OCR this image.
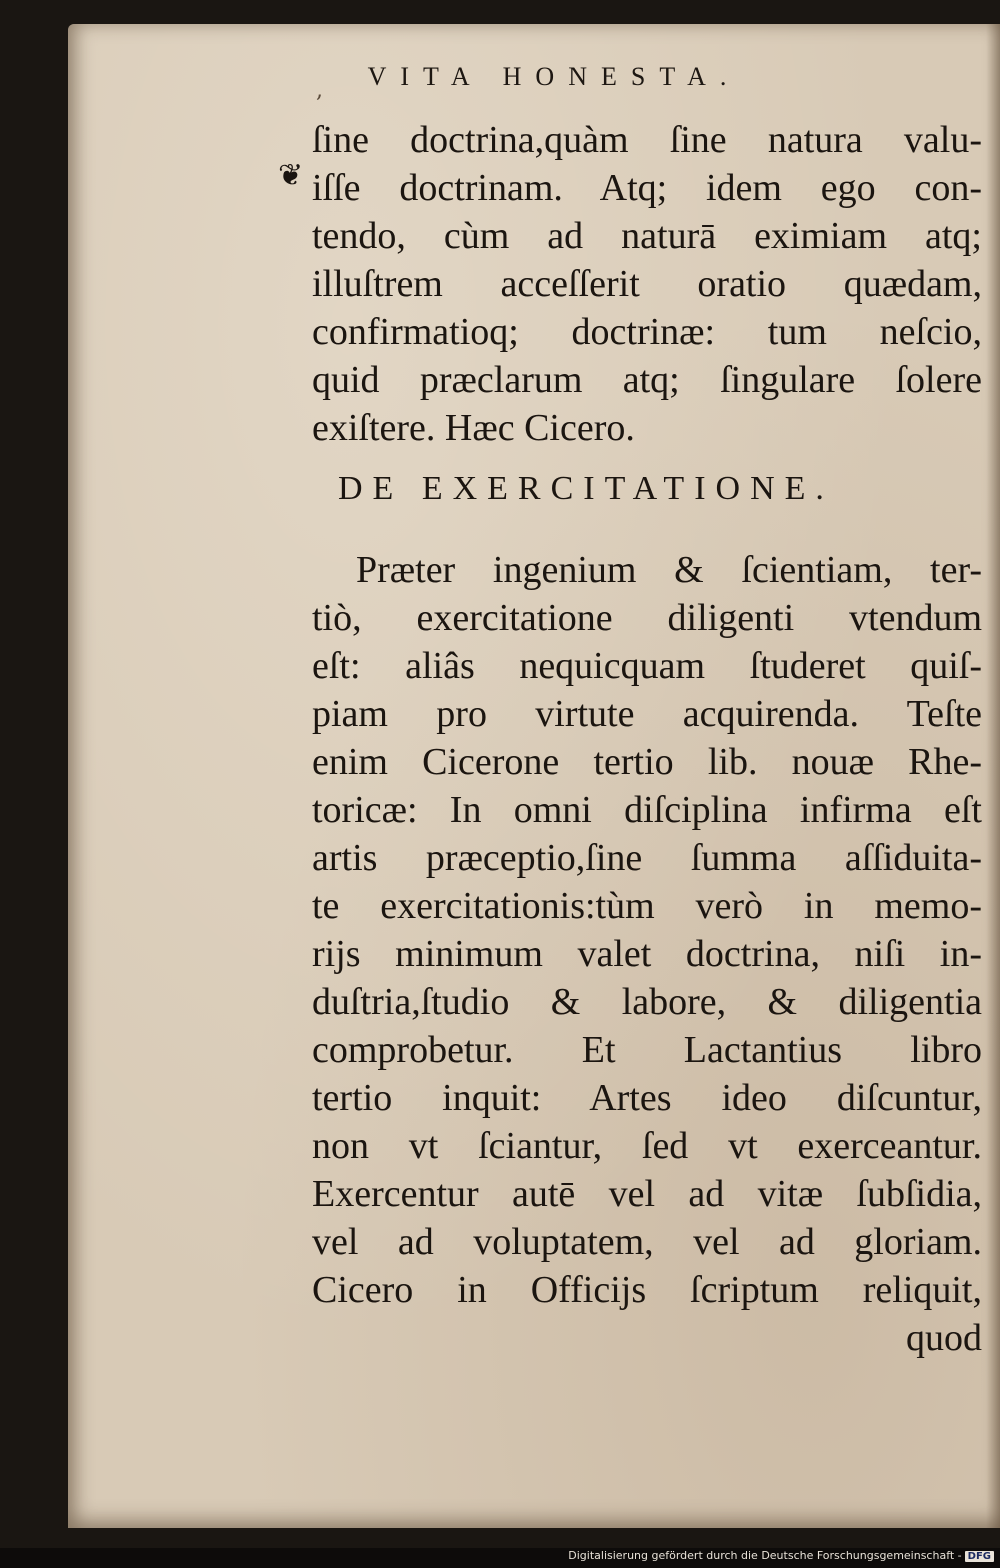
VITA HONESTA.
,
❦
ſine doctrina,quàm ſine natura valu-
iſſe doctrinam. Atq; idem ego con-
tendo, cùm ad naturā eximiam atq;
illuſtrem acceſſerit oratio quædam,
confirmatioq; doctrinæ: tum neſcio,
quid præclarum atq; ſingulare ſolere
exiſtere. Hæc Cicero.
DE EXERCITATIONE.
Præter ingenium & ſcientiam, ter-
tiò, exercitatione diligenti vtendum
eſt: aliâs nequicquam ſtuderet quiſ-
piam pro virtute acquirenda. Teſte
enim Cicerone tertio lib. nouæ Rhe-
toricæ: In omni diſciplina infirma eſt
artis præceptio,ſine ſumma aſſiduita-
te exercitationis:tùm verò in memo-
rijs minimum valet doctrina, niſi in-
duſtria,ſtudio & labore, & diligentia
comprobetur. Et Lactantius libro
tertio inquit: Artes ideo diſcuntur,
non vt ſciantur, ſed vt exerceantur.
Exercentur autē vel ad vitæ ſubſidia,
vel ad voluptatem, vel ad gloriam.
Cicero in Officijs ſcriptum reliquit,
quod
Digitalisierung gefördert durch die Deutsche Forschungsgemeinschaft - DFG
